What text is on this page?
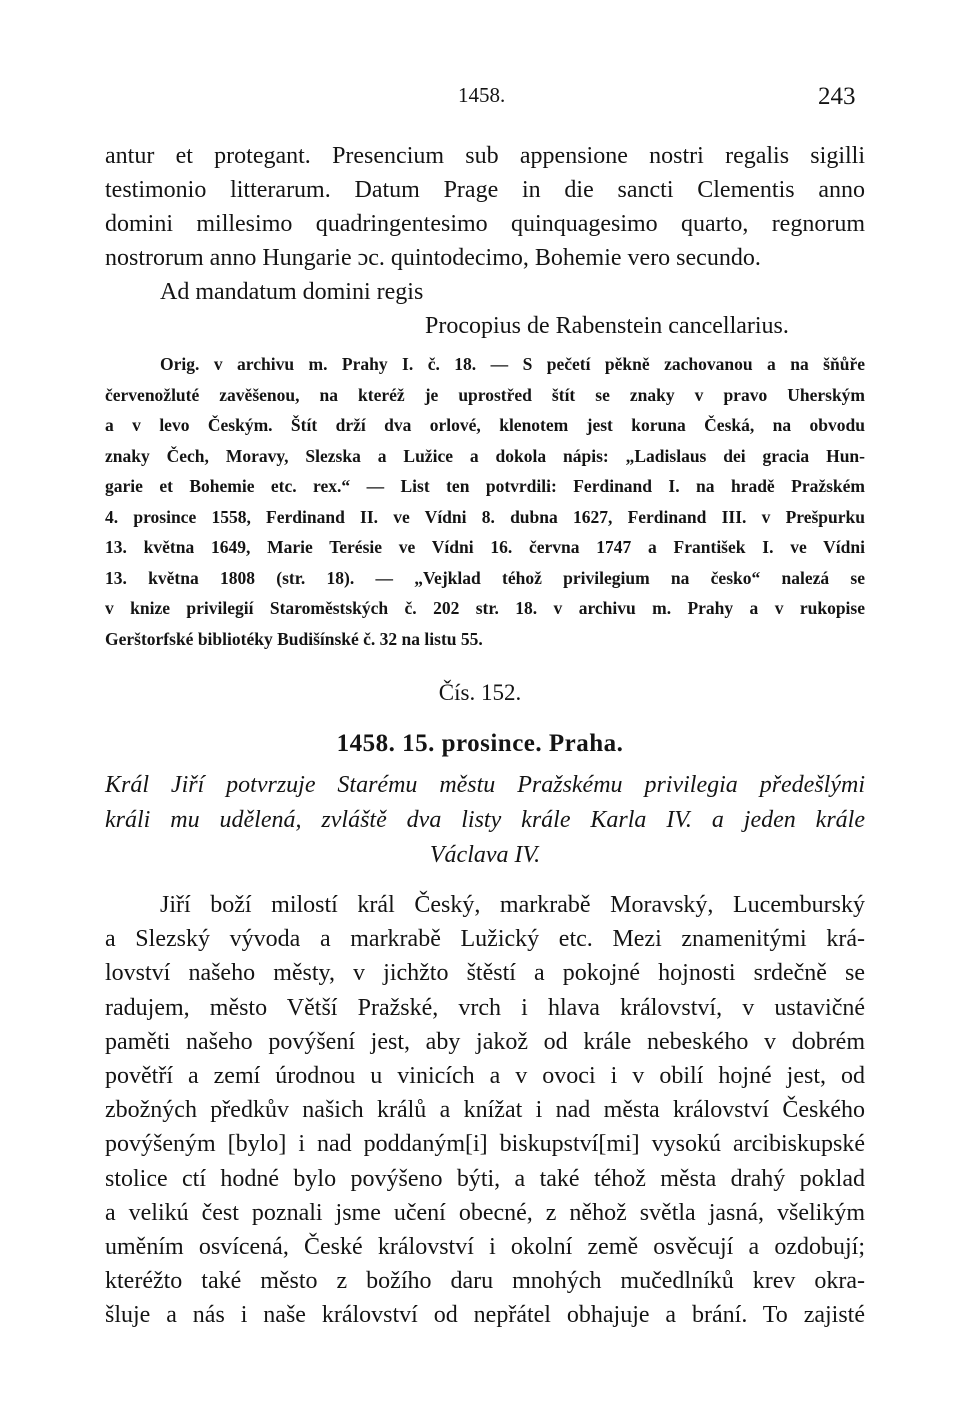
1458.	243
antur et protegant. Presencium sub appensione nostri regalis sigilli
testimonio litterarum. Datum Prage in die sancti Clementis anno
domini millesimo quadringentesimo quinquagesimo quarto, regnorum
nostrorum anno Hungarie ɔc. quintodecimo, Bohemie vero secundo.
Ad mandatum domini regis
Procopius de Rabenstein cancellarius.
Orig. v archivu m. Prahy I. č. 18. — S pečetí pěkně zachovanou a na šňůře
červenožluté zavěšenou, na kteréž je uprostřed štít se znaky v pravo Uherským
a v levo Českým. Štít drží dva orlové, klenotem jest koruna Česká, na obvodu
znaky Čech, Moravy, Slezska a Lužice a dokola nápis: „Ladislaus dei gracia Hun-
garie et Bohemie etc. rex.“ — List ten potvrdili: Ferdinand I. na hradě Pražském
4. prosince 1558, Ferdinand II. ve Vídni 8. dubna 1627, Ferdinand III. v Prešpurku
13. května 1649, Marie Terésie ve Vídni 16. června 1747 a František I. ve Vídni
13. května 1808 (str. 18). — „Vejklad téhož privilegium na česko“ nalezá se
v knize privilegií Staroměstských č. 202 str. 18. v archivu m. Prahy a v rukopise
Gerštorfské bibliotéky Budišínské č. 32 na listu 55.
Čís. 152.
1458. 15. prosince. Praha.
Král Jiří potvrzuje Starému městu Pražskému privilegia předešlými
králi mu udělená, zvláště dva listy krále Karla IV. a jeden krále
Václava IV.
Jiří boží milostí král Český, markrabě Moravský, Lucemburský
a Slezský vývoda a markrabě Lužický etc. Mezi znamenitými krá-
lovství našeho městy, v jichžto štěstí a pokojné hojnosti srdečně se
radujem, město Větší Pražské, vrch i hlava království, v ustavičné
paměti našeho povýšení jest, aby jakož od krále nebeského v dobrém
povětří a zemí úrodnou u vinicích a v ovoci i v obilí hojné jest, od
zbožných předkův našich králů a knížat i nad města království Českého
povýšeným [bylo] i nad poddaným[i] biskupství[mi] vysokú arcibiskupské
stolice ctí hodné bylo povýšeno býti, a také téhož města drahý poklad
a velikú čest poznali jsme učení obecné, z něhož světla jasná, všelikým
uměním osvícená, České království i okolní země osvěcují a ozdobují;
kteréžto také město z božího daru mnohých mučedlníků krev okra-
šluje a nás i naše království od nepřátel obhajuje a brání. To zajisté
